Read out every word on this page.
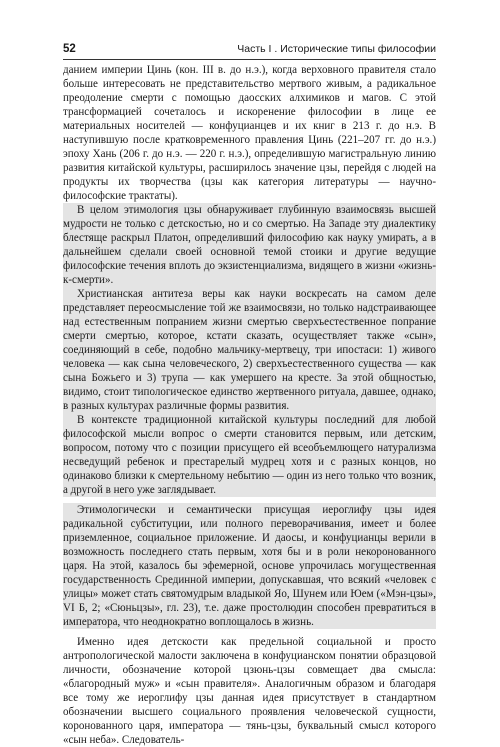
52	Часть I . Исторические типы философии

данием империи Цинь (кон. III в. до н.э.), когда верховного правителя стало больше интересовать не представительство мертвого живым, а радикальное преодоление смерти с помощью даосских алхимиков и магов. С этой трансформацией сочеталось и искоренение философии в лице ее материальных носителей — конфуцианцев и их книг в 213 г. до н.э. В наступившую после кратковременного правления Цинь (221–207 гг. до н.э.) эпоху Хань (206 г. до н.э. — 220 г. н.э.), определившую магистральную линию развития китайской культуры, расширилось значение цзы, перейдя с людей на продукты их творчества (цзы как категория литературы — научно-философские трактаты).

В целом этимология цзы обнаруживает глубинную взаимосвязь высшей мудрости не только с детскостью, но и со смертью. На Западе эту диалектику блестяще раскрыл Платон, определивший философию как науку умирать, а в дальнейшем сделали своей основной темой стоики и другие ведущие философские течения вплоть до экзистенциализма, видящего в жизни «жизнь-к-смерти».

Христианская антитеза веры как науки воскресать на самом деле представляет переосмысление той же взаимосвязи, но только надстраивающее над естественным попранием жизни смертью сверхъестественное попрание смерти смертью, которое, кстати сказать, осуществляет также «сын», соединяющий в себе, подобно мальчику-мертвецу, три ипостаси: 1) живого человека — как сына человеческого, 2) сверхъестественного существа — как сына Божьего и 3) трупа — как умершего на кресте. За этой общностью, видимо, стоит типологическое единство жертвенного ритуала, давшее, однако, в разных культурах различные формы развития.

В контексте традиционной китайской культуры последний для любой философской мысли вопрос о смерти становится первым, или детским, вопросом, потому что с позиции присущего ей всеобъемлющего натурализма несведущий ребенок и престарелый мудрец хотя и с разных концов, но одинаково близки к смертельному небытию — один из него только что возник, а другой в него уже заглядывает.

Этимологически и семантически присущая иероглифу цзы идея радикальной субституции, или полного переворачивания, имеет и более приземленное, социальное приложение. И даосы, и конфуцианцы верили в возможность последнего стать первым, хотя бы и в роли некоронованного царя. На этой, казалось бы эфемерной, основе упрочилась могущественная государственность Срединной империи, допускавшая, что всякий «человек с улицы» может стать святомудрым владыкой Яо, Шунем или Юем («Мэн-цзы», VI Б, 2; «Сюньцзы», гл. 23), т.е. даже простолюдин способен превратиться в императора, что неоднократно воплощалось в жизнь.

Именно идея детскости как предельной социальной и просто антропологической малости заключена в конфуцианском понятии образцовой личности, обозначение которой цзюнь-цзы совмещает два смысла: «благородный муж» и «сын правителя». Аналогичным образом и благодаря все тому же иероглифу цзы данная идея присутствует в стандартном обозначении высшего социального проявления человеческой сущности, коронованного царя, императора — тянь-цзы, буквальный смысл которого «сын неба». Следователь-
